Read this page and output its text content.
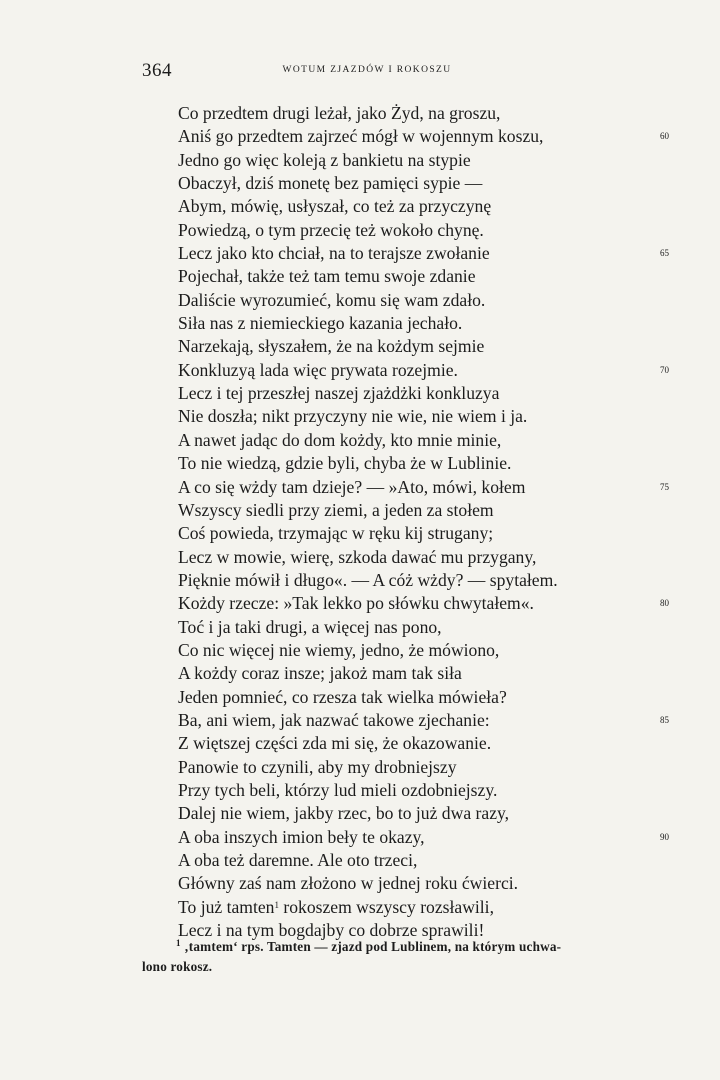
364	WOTUM ZJAZDÓW I ROKOSZU
Co przedtem drugi leżał, jako Żyd, na groszu,
Aniś go przedtem zajrzeć mógł w wojennym koszu,	60
Jedno go więc koleją z bankietu na stypie
Obaczył, dziś monetę bez pamięci sypie —
Abym, mówię, usłyszał, co też za przyczynę
Powiedzą, o tym przecię też wokoło chynę.
Lecz jako kto chciał, na to terajsze zwołanie	65
Pojechał, także też tam temu swoje zdanie
Daliście wyrozumieć, komu się wam zdało.
Siła nas z niemieckiego kazania jechało.
Narzekają, słyszałem, że na kożdym sejmie
Konkluzyą lada więc prywata rozejmie.	70
Lecz i tej przeszłej naszej zjażdżki konkluzya
Nie doszła; nikt przyczyny nie wie, nie wiem i ja.
A nawet jadąc do dom kożdy, kto mnie minie,
To nie wiedzą, gdzie byli, chyba że w Lublinie.
A co się wżdy tam dzieje? — »Ato, mówi, kołem	75
Wszyscy siedli przy ziemi, a jeden za stołem
Coś powieda, trzymając w ręku kij strugany;
Lecz w mowie, wierę, szkoda dawać mu przygany,
Pięknie mówił i długo«. — A cóż wżdy? — spytałem.
Kożdy rzecze: »Tak lekko po słówku chwytałem«.	80
Toć i ja taki drugi, a więcej nas pono,
Co nic więcej nie wiemy, jedno, że mówiono,
A kożdy coraz insze; jakoż mam tak siła
Jeden pomnieć, co rzesza tak wielka mówieła?
Ba, ani wiem, jak nazwać takowe zjechanie:	85
Z więtszej części zda mi się, że okazowanie.
Panowie to czynili, aby my drobniejszy
Przy tych beli, którzy lud mieli ozdobniejszy.
Dalej nie wiem, jakby rzec, bo to już dwa razy,
A oba inszych imion beły te okazy,	90
A oba też daremne. Ale oto trzeci,
Główny zaś nam złożono w jednej roku ćwierci.
To już tamten$^1$ rokoszem wszyscy rozsławili,
Lecz i na tym bogdajby co dobrze sprawili!
$^1$ ‚tamtem‘ rps. Tamten — zjazd pod Lublinem, na którym uchwa-
lono rokosz.
